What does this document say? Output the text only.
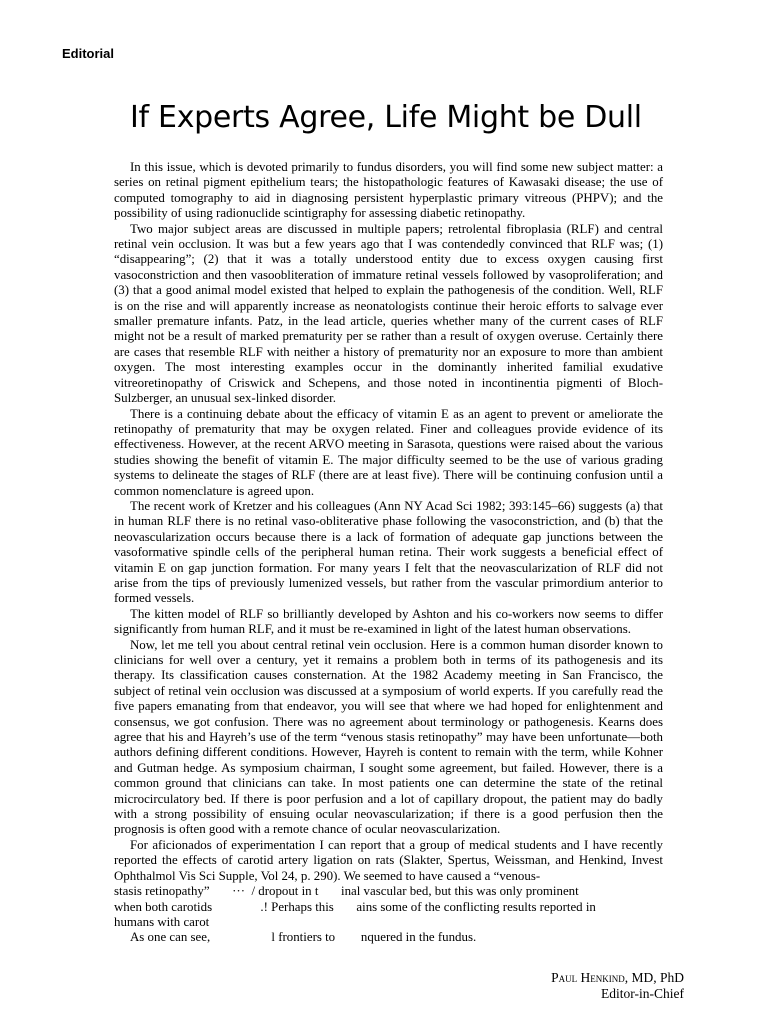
Editorial
If Experts Agree, Life Might be Dull

In this issue, which is devoted primarily to fundus disorders, you will find some new subject matter: a series on retinal pigment epithelium tears; the histopathologic features of Kawasaki disease; the use of computed tomography to aid in diagnosing persistent hyperplastic primary vitreous (PHPV); and the possibility of using radionuclide scintigraphy for assessing diabetic retinopathy.

Two major subject areas are discussed in multiple papers; retrolental fibroplasia (RLF) and central retinal vein occlusion. It was but a few years ago that I was contendedly convinced that RLF was; (1) “disappearing”; (2) that it was a totally understood entity due to excess oxygen causing first vasoconstriction and then vasoobliteration of immature retinal vessels followed by vasoproliferation; and (3) that a good animal model existed that helped to explain the pathogenesis of the condition. Well, RLF is on the rise and will apparently increase as neonatologists continue their heroic efforts to salvage ever smaller premature infants. Patz, in the lead article, queries whether many of the current cases of RLF might not be a result of marked prematurity per se rather than a result of oxygen overuse. Certainly there are cases that resemble RLF with neither a history of prematurity nor an exposure to more than ambient oxygen. The most interesting examples occur in the dominantly inherited familial exudative vitreoretinopathy of Criswick and Schepens, and those noted in incontinentia pigmenti of Bloch-Sulzberger, an unusual sex-linked disorder.

There is a continuing debate about the efficacy of vitamin E as an agent to prevent or ameliorate the retinopathy of prematurity that may be oxygen related. Finer and colleagues provide evidence of its effectiveness. However, at the recent ARVO meeting in Sarasota, questions were raised about the various studies showing the benefit of vitamin E. The major difficulty seemed to be the use of various grading systems to delineate the stages of RLF (there are at least five). There will be continuing confusion until a common nomenclature is agreed upon.

The recent work of Kretzer and his colleagues (Ann NY Acad Sci 1982; 393:145–66) suggests (a) that in human RLF there is no retinal vaso-obliterative phase following the vasoconstriction, and (b) that the neovascularization occurs because there is a lack of formation of adequate gap junctions between the vasoformative spindle cells of the peripheral human retina. Their work suggests a beneficial effect of vitamin E on gap junction formation. For many years I felt that the neovascularization of RLF did not arise from the tips of previously lumenized vessels, but rather from the vascular primordium anterior to formed vessels.

The kitten model of RLF so brilliantly developed by Ashton and his co-workers now seems to differ significantly from human RLF, and it must be re-examined in light of the latest human observations.

Now, let me tell you about central retinal vein occlusion. Here is a common human disorder known to clinicians for well over a century, yet it remains a problem both in terms of its pathogenesis and its therapy. Its classification causes consternation. At the 1982 Academy meeting in San Francisco, the subject of retinal vein occlusion was discussed at a symposium of world experts. If you carefully read the five papers emanating from that endeavor, you will see that where we had hoped for enlightenment and consensus, we got confusion. There was no agreement about terminology or pathogenesis. Kearns does agree that his and Hayreh’s use of the term “venous stasis retinopathy” may have been unfortunate—both authors defining different conditions. However, Hayreh is content to remain with the term, while Kohner and Gutman hedge. As symposium chairman, I sought some agreement, but failed. However, there is a common ground that clinicians can take. In most patients one can determine the state of the retinal microcirculatory bed. If there is poor perfusion and a lot of capillary dropout, the patient may do badly with a strong possibility of ensuing ocular neovascularization; if there is a good perfusion then the prognosis is often good with a remote chance of ocular neovascularization.

For aficionados of experimentation I can report that a group of medical students and I have recently reported the effects of carotid artery ligation on rats (Slakter, Spertus, Weissman, and Henkind, Invest Ophthalmol Vis Sci Supple, Vol 24, p. 290). We seemed to have caused a “venous-

stasis retinopathy”       ···  / dropout in t       inal vascular bed, but this was only prominent

when both carotids               .! Perhaps this       ains some of the conflicting results reported in

humans with carot

As one can see,                   l frontiers to        nquered in the fundus.

Paul Henkind, MD, PhD
Editor-in-Chief
